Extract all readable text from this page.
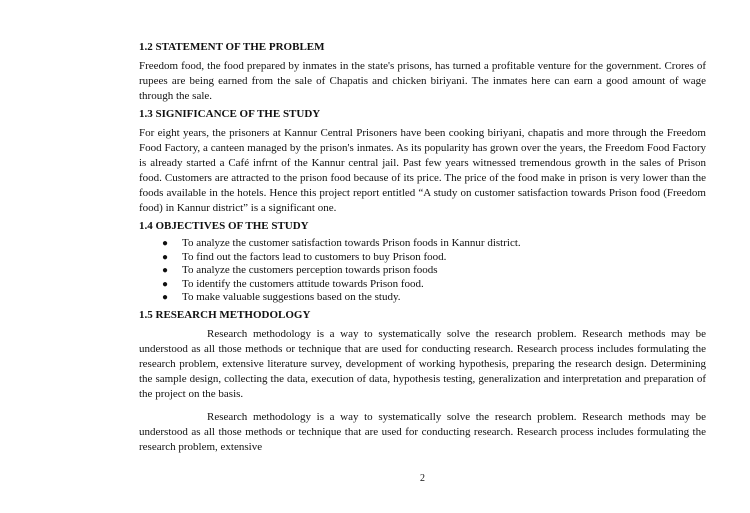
1.2 STATEMENT OF THE PROBLEM

Freedom food, the food prepared by inmates in the state's prisons, has turned a profitable venture for the government. Crores of rupees are being earned from the sale of Chapatis and chicken biriyani. The inmates here can earn a good amount of wage through the sale.

1.3 SIGNIFICANCE OF THE STUDY

For eight years, the prisoners at Kannur Central Prisoners have been cooking biriyani, chapatis and more through the Freedom Food Factory, a canteen managed by the prison's inmates. As its popularity has grown over the years, the Freedom Food Factory is already started a Café infrnt of the Kannur central jail. Past few years witnessed tremendous growth in the sales of Prison food. Customers are attracted to the prison food because of its price. The price of the food make in prison is very lower than the foods available in the hotels. Hence this project report entitled “A study on customer satisfaction towards Prison food (Freedom food) in Kannur district” is a significant one.

1.4 OBJECTIVES OF THE STUDY
● To analyze the customer satisfaction towards Prison foods in Kannur district.
● To find out the factors lead to customers to buy Prison food.
● To analyze the customers perception towards prison foods
● To identify the customers attitude towards Prison food.
● To make valuable suggestions based on the study.
1.5 RESEARCH METHODOLOGY

Research methodology is a way to systematically solve the research problem. Research methods may be understood as all those methods or technique that are used for conducting research. Research process includes formulating the research problem, extensive literature survey, development of working hypothesis, preparing the research design. Determining the sample design, collecting the data, execution of data, hypothesis testing, generalization and interpretation and preparation of the project on the basis.

Research methodology is a way to systematically solve the research problem. Research methods may be understood as all those methods or technique that are used for conducting research. Research process includes formulating the research problem, extensive

2
